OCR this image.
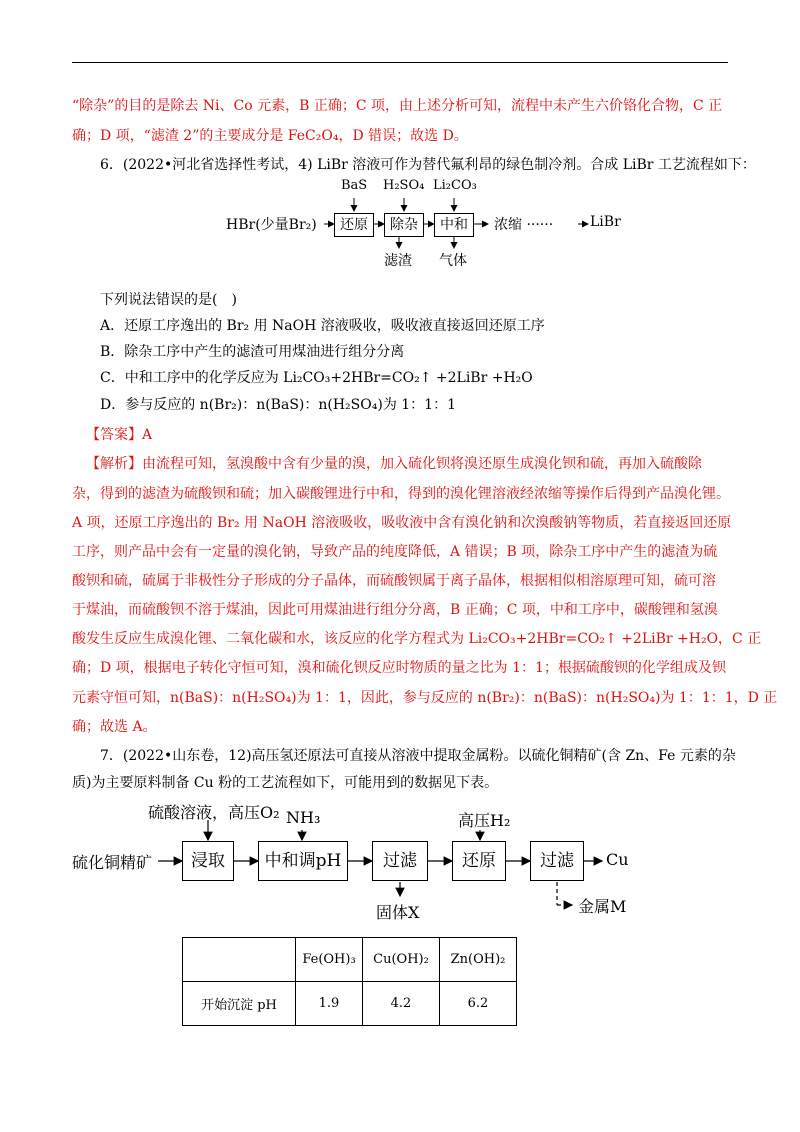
“除杂”的目的是除去 Ni、Co 元素，B 正确；C 项，由上述分析可知，流程中未产生六价铬化合物，C 正
确；D 项，“滤渣 2”的主要成分是 FeC₂O₄，D 错误；故选 D。
6．(2022•河北省选择性考试，4) LiBr 溶液可作为替代氟利昂的绿色制冷剂。合成 LiBr 工艺流程如下：
HBr(少量Br₂)	还原	除杂	中和
BaS H₂SO₄ Li₂CO₃
滤渣 气体
浓缩 ······	LiBr
下列说法错误的是(　)
A．还原工序逸出的 Br₂ 用 NaOH 溶液吸收，吸收液直接返回还原工序
B．除杂工序中产生的滤渣可用煤油进行组分分离
C．中和工序中的化学反应为 Li₂CO₃+2HBr=CO₂↑ +2LiBr +H₂O
D．参与反应的 n(Br₂)：n(BaS)：n(H₂SO₄)为 1：1：1
【答案】A
【解析】由流程可知，氢溴酸中含有少量的溴，加入硫化钡将溴还原生成溴化钡和硫，再加入硫酸除
杂，得到的滤渣为硫酸钡和硫；加入碳酸锂进行中和，得到的溴化锂溶液经浓缩等操作后得到产品溴化锂。
A 项，还原工序逸出的 Br₂ 用 NaOH 溶液吸收，吸收液中含有溴化钠和次溴酸钠等物质，若直接返回还原
工序，则产品中会有一定量的溴化钠，导致产品的纯度降低，A 错误；B 项，除杂工序中产生的滤渣为硫
酸钡和硫，硫属于非极性分子形成的分子晶体，而硫酸钡属于离子晶体，根据相似相溶原理可知，硫可溶
于煤油，而硫酸钡不溶于煤油，因此可用煤油进行组分分离，B 正确；C 项，中和工序中，碳酸锂和氢溴
酸发生反应生成溴化锂、二氧化碳和水，该反应的化学方程式为 Li₂CO₃+2HBr=CO₂↑ +2LiBr +H₂O，C 正
确；D 项，根据电子转化守恒可知，溴和硫化钡反应时物质的量之比为 1：1；根据硫酸钡的化学组成及钡
元素守恒可知，n(BaS)：n(H₂SO₄)为 1：1，因此，参与反应的 n(Br₂)：n(BaS)：n(H₂SO₄)为 1：1：1，D 正
确；故选 A。
7．(2022•山东卷，12)高压氢还原法可直接从溶液中提取金属粉。以硫化铜精矿(含 Zn、Fe 元素的杂
质)为主要原料制备 Cu 粉的工艺流程如下，可能用到的数据见下表。
硫化铜精矿
硫酸溶液，高压O₂ NH₃	高压H₂
浸取	中和调pH	过滤	还原	过滤	Cu
固体X	金属M
	Fe(OH)₃	Cu(OH)₂	Zn(OH)₂
开始沉淀 pH	1.9	4.2	6.2
